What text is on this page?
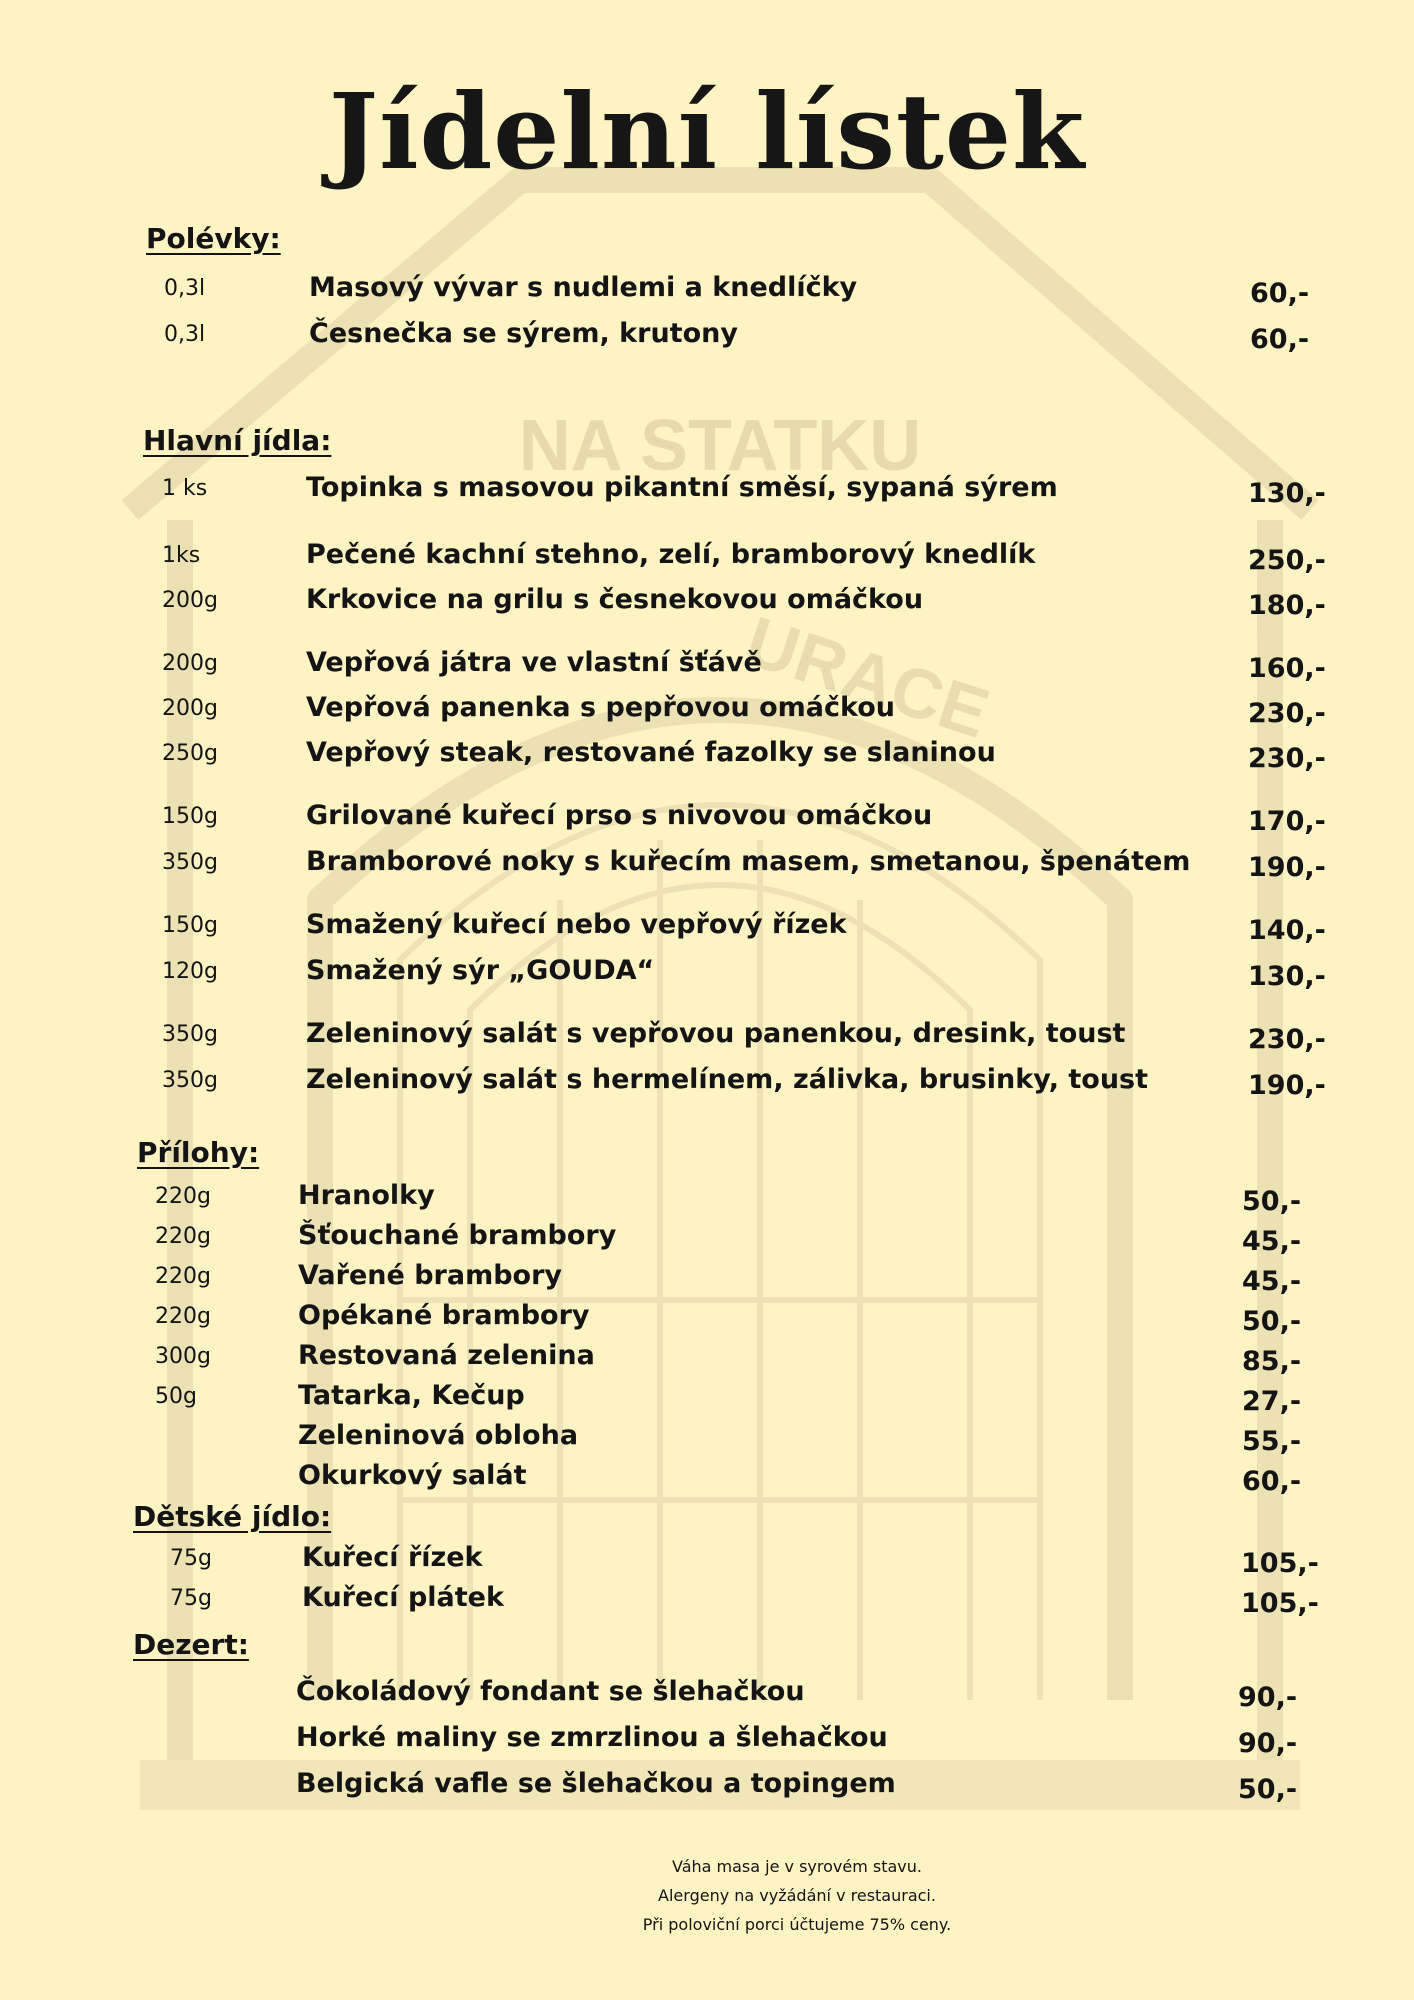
NA STATKU
URACE
Jídelní lístek
Polévky:
0,3l	Masový vývar s nudlemi a knedlíčky	60,-
0,3l	Česnečka se sýrem, krutony	60,-
Hlavní jídla:
1 ks	Topinka s masovou pikantní směsí, sypaná sýrem	130,-
1ks	Pečené kachní stehno, zelí, bramborový knedlík	250,-
200g	Krkovice na grilu s česnekovou omáčkou	180,-
200g	Vepřová játra ve vlastní šťávě	160,-
200g	Vepřová panenka s pepřovou omáčkou	230,-
250g	Vepřový steak, restované fazolky se slaninou	230,-
150g	Grilované kuřecí prso s nivovou omáčkou	170,-
350g	Bramborové noky s kuřecím masem, smetanou, špenátem 190,-
150g	Smažený kuřecí nebo vepřový řízek	140,-
120g	Smažený sýr „GOUDA“	130,-
350g	Zeleninový salát s vepřovou panenkou, dresink, toust	230,-
350g	Zeleninový salát s hermelínem, zálivka, brusinky, toust	190,-
Přílohy:
220g	Hranolky	50,-
220g	Šťouchané brambory	45,-
220g	Vařené brambory	45,-
220g	Opékané brambory	50,-
300g	Restovaná zelenina	85,-
50g	Tatarka, Kečup	27,-
Zeleninová obloha	55,-
Okurkový salát	60,-
Dětské jídlo:
75g	Kuřecí řízek	105,-
75g	Kuřecí plátek	105,-
Dezert:
Čokoládový fondant se šlehačkou	90,-
Horké maliny se zmrzlinou a šlehačkou	90,-
Belgická vafle se šlehačkou a topingem	50,-
Váha masa je v syrovém stavu.
Alergeny na vyžádání v restauraci.
Při poloviční porci účtujeme 75% ceny.
